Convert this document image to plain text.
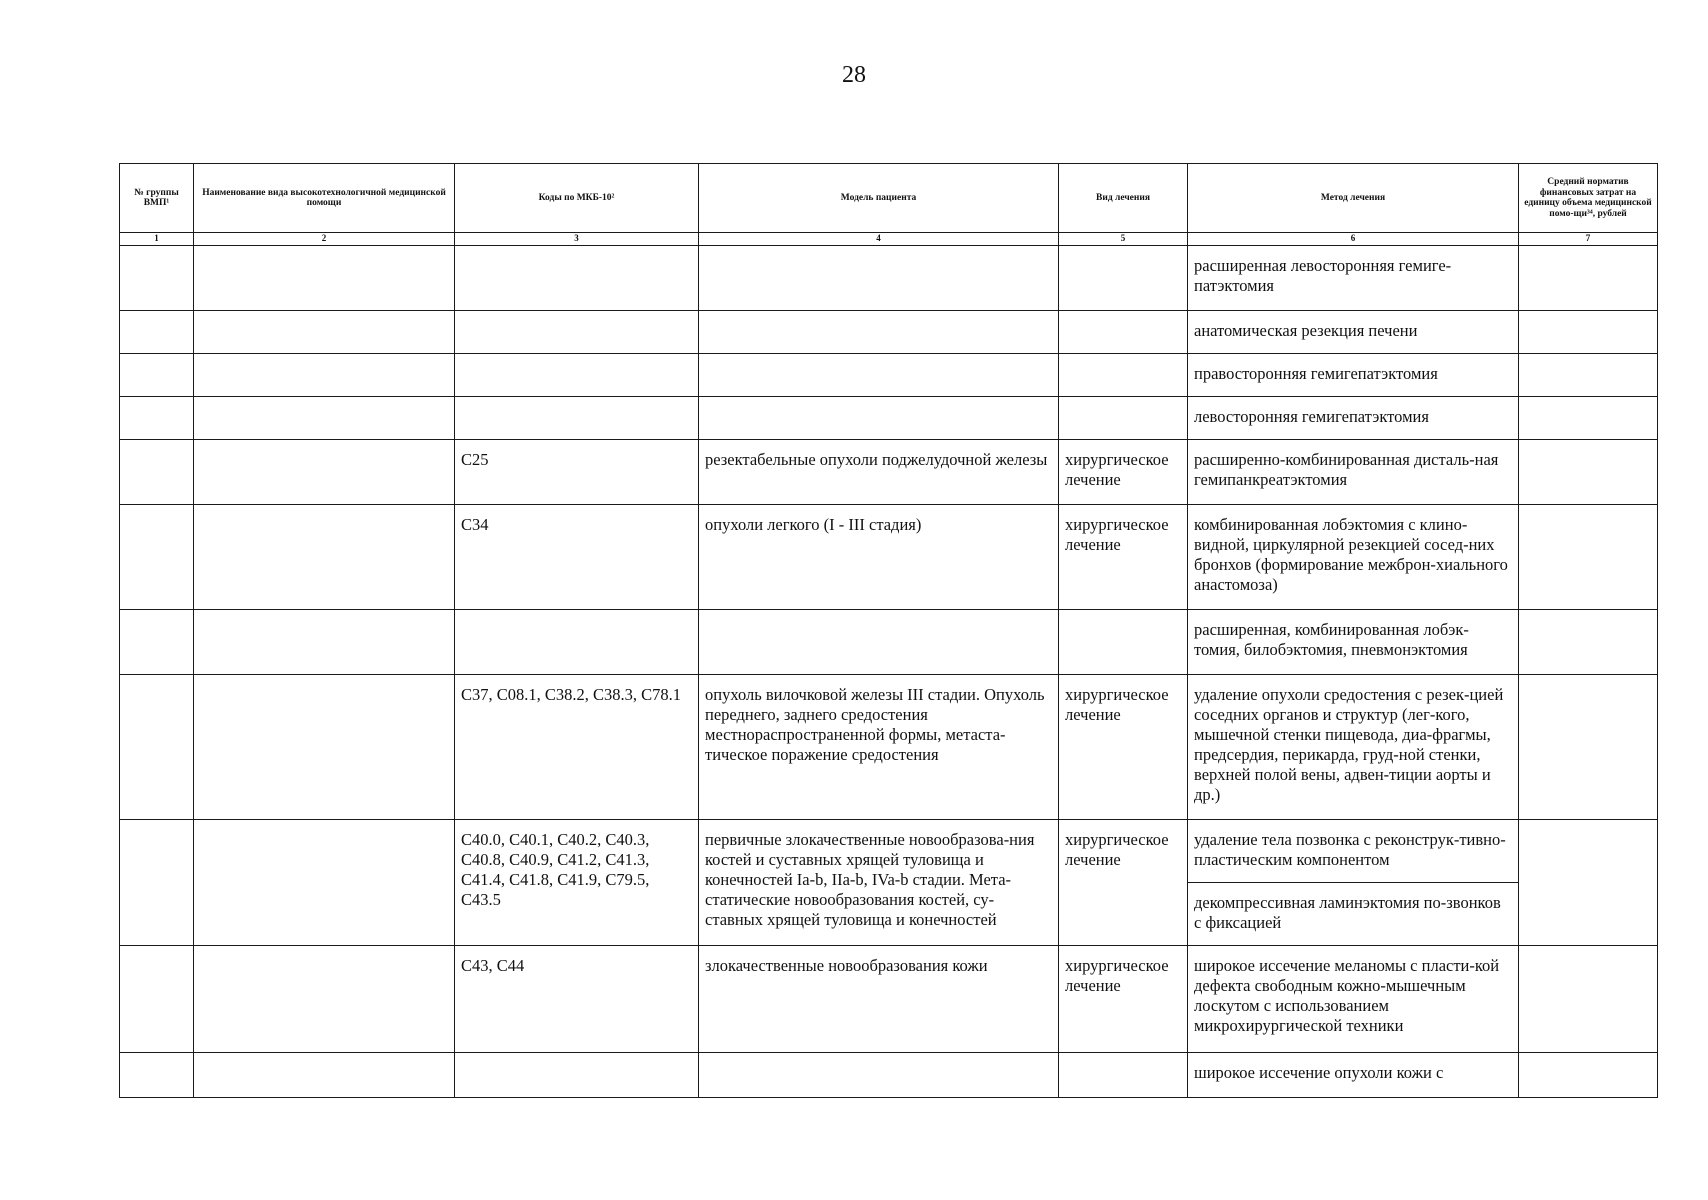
28
№ группы ВМП¹	Наименование вида высокотехнологичной медицинской помощи	Коды по МКБ-10²	Модель пациента	Вид лечения	Метод лечения	Средний норматив финансовых затрат на единицу объема медицинской помо-щи³⁴, рублей
1	2	3	4	5	6	7
					расширенная левосторонняя гемиге-патэктомия	
					анатомическая резекция печени	
					правосторонняя гемигепатэктомия	
					левосторонняя гемигепатэктомия	
		C25	резектабельные опухоли поджелудочной железы	хирургическое лечение	расширенно-комбинированная дисталь-ная гемипанкреатэктомия	
		C34	опухоли легкого (I - III стадия)	хирургическое лечение	комбинированная лобэктомия с клино-видной, циркулярной резекцией сосед-них бронхов (формирование межброн-хиального анастомоза)	
					расширенная, комбинированная лобэк-томия, билобэктомия, пневмонэктомия	
		C37, C08.1, C38.2, C38.3, C78.1	опухоль вилочковой железы III стадии. Опухоль переднего, заднего средостения местнораспространенной формы, метаста-тическое поражение средостения	хирургическое лечение	удаление опухоли средостения с резек-цией соседних органов и структур (лег-кого, мышечной стенки пищевода, диа-фрагмы, предсердия, перикарда, груд-ной стенки, верхней полой вены, адвен-тиции аорты и др.)	
		C40.0, C40.1, C40.2, C40.3, C40.8, C40.9, C41.2, C41.3, C41.4, C41.8, C41.9, C79.5, C43.5	первичные злокачественные новообразова-ния костей и суставных хрящей туловища и конечностей Ia-b, IIa-b, IVa-b стадии. Мета-статические новообразования костей, су-ставных хрящей туловища и конечностей	хирургическое лечение	удаление тела позвонка с реконструк-тивно-пластическим компонентом	
					декомпрессивная ламинэктомия по-звонков с фиксацией	
		C43, C44	злокачественные новообразования кожи	хирургическое лечение	широкое иссечение меланомы с пласти-кой дефекта свободным кожно-мышечным лоскутом с использованием микрохирургической техники	
					широкое иссечение опухоли кожи с	
